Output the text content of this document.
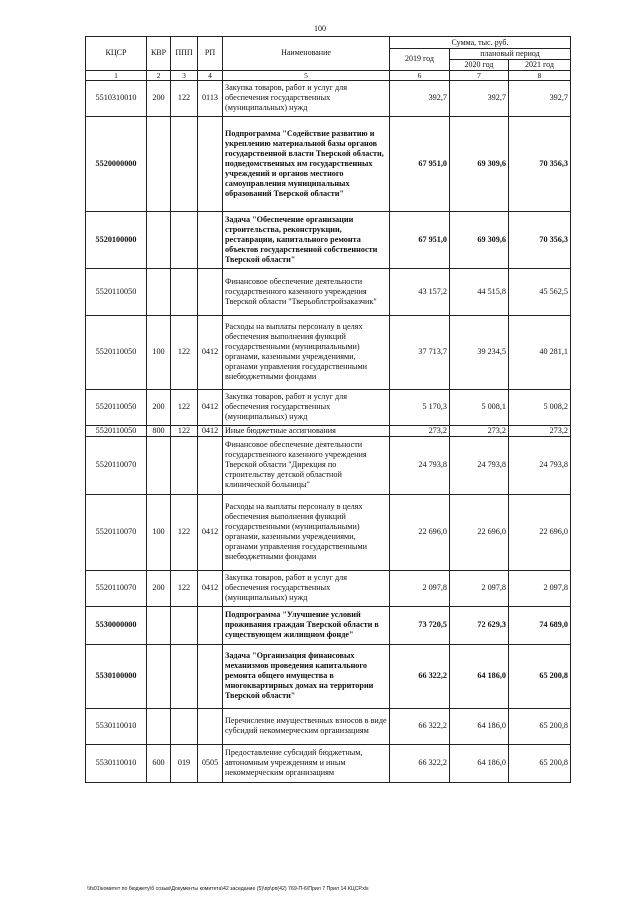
100
КЦСР	КВР	ППП	РП	Наименование	Сумма, тыс. руб.		
					2019 год	плановый период	
						2020 год	2021 год
1	2	3	4	5	6	7	8
5510310010	200	122	0113	Закупка товаров, работ и услуг для обеспечения государственных (муниципальных) нужд	392,7	392,7	392,7
5520000000				Подпрограмма "Содействие развитию и укреплению материальной базы органов государственной власти Тверской области, подведомственных им государственных учреждений и органов местного самоуправления муниципальных образований Тверской области"	67 951,0	69 309,6	70 356,3
5520100000				Задача "Обеспечение организации строительства, реконструкции, реставрации, капитального ремонта объектов государственной собственности Тверской области"	67 951,0	69 309,6	70 356,3
5520110050				Финансовое обеспечение деятельности государственного казенного учреждения Тверской области "Тверьоблстройзаказчик"	43 157,2	44 515,8	45 562,5
5520110050	100	122	0412	Расходы на выплаты персоналу в целях обеспечения выполнения функций государственными (муниципальными) органами, казенными учреждениями, органами управления государственными внебюджетными фондами	37 713,7	39 234,5	40 281,1
5520110050	200	122	0412	Закупка товаров, работ и услуг для обеспечения государственных (муниципальных) нужд	5 170,3	5 008,1	5 008,2
5520110050	800	122	0412	Иные бюджетные ассигнования	273,2	273,2	273,2
5520110070				Финансовое обеспечение деятельности государственного казенного учреждения Тверской области "Дирекция по строительству детской областной клинической больницы"	24 793,8	24 793,8	24 793,8
5520110070	100	122	0412	Расходы на выплаты персоналу в целях обеспечения выполнения функций государственными (муниципальными) органами, казенными учреждениями, органами управления государственными внебюджетными фондами	22 696,0	22 696,0	22 696,0
5520110070	200	122	0412	Закупка товаров, работ и услуг для обеспечения государственных (муниципальных) нужд	2 097,8	2 097,8	2 097,8
5530000000				Подпрограмма "Улучшение условий проживания граждан Тверской области в существующем жилищном фонде"	73 720,5	72 629,3	74 689,0
5530100000				Задача "Организация финансовых механизмов проведения капитального ремонта общего имущества в многоквартирных домах на территории Тверской области"	66 322,2	64 186,0	65 200,8
5530110010				Перечисление имущественных взносов в виде субсидий некоммерческим организациям	66 322,2	64 186,0	65 200,8
5530110010	600	019	0505	Предоставление субсидий бюджетным, автономным учреждениям и иным некоммерческим организациям	66 322,2	64 186,0	65 200,8
\\fs01\комитет по бюджету\б созыв\Документы комитета\42 заседание (5)\пр\рп(42) 769-П-6\Прил 7 Прил 14 КЦСР.xls
